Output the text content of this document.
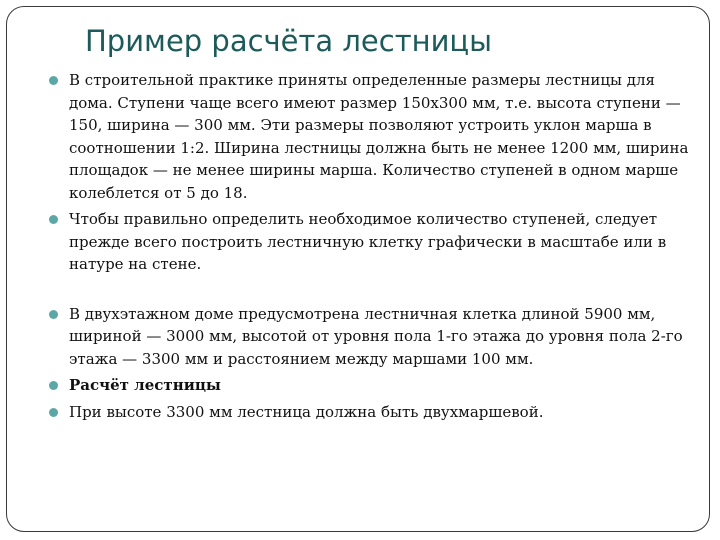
Пример расчёта лестницы
В строительной практике приняты определенные размеры лестницы для дома. Ступени чаще всего имеют размер 150х300 мм, т.е. высота ступени — 150, ширина — 300 мм. Эти размеры позволяют устроить уклон марша в соотношении 1:2. Ширина лестницы должна быть не менее 1200 мм, ширина площадок — не менее ширины марша. Количество ступеней в одном марше колеблется от 5 до 18.
Чтобы правильно определить необходимое количество ступеней, следует прежде всего построить лестничную клетку графически в масштабе или в натуре на стене.
В двухэтажном доме предусмотрена лестничная клетка длиной 5900 мм, шириной — 3000 мм, высотой от уровня пола 1-го этажа до уровня пола 2-го этажа — 3300 мм и расстоянием между маршами 100 мм.
Расчёт лестницы
При высоте 3300 мм лестница должна быть двухмаршевой.
